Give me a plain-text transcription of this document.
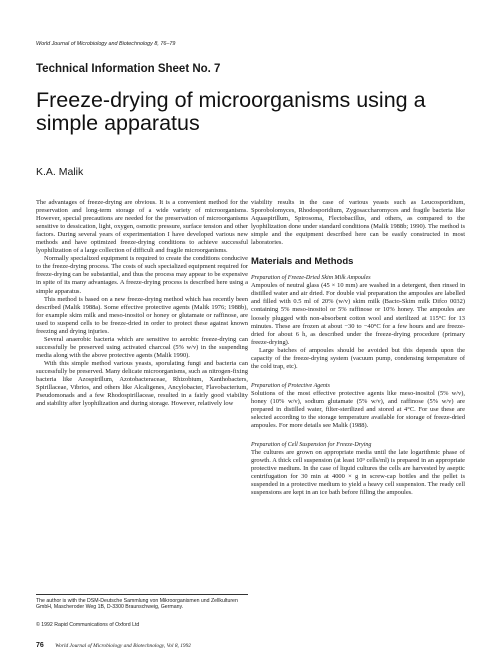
World Journal of Microbiology and Biotechnology 8, 76–79
Technical Information Sheet No. 7
Freeze-drying of microorganisms using a simple apparatus
K.A. Malik

The advantages of freeze-drying are obvious. It is a convenient method for the preservation and long-term storage of a wide variety of microorganisms. However, special precautions are needed for the preservation of microorganisms sensitive to dessication, light, oxygen, osmotic pressure, surface tension and other factors. During several years of experimentation I have developed various new methods and have optimized freeze-drying conditions to achieve successful lyophilization of a large collection of difficult and fragile microorganisms.

Normally specialized equipment is required to create the conditions conducive to the freeze-drying process. The costs of such specialized equipment required for freeze-drying can be substantial, and thus the process may appear to be expensive in spite of its many advantages. A freeze-drying process is described here using a simple apparatus.

This method is based on a new freeze-drying method which has recently been described (Malik 1988a). Some effective protective agents (Malik 1976; 1988b), for example skim milk and meso-inositol or honey or glutamate or raffinose, are used to suspend cells to be freeze-dried in order to protect these against known freezing and drying injuries.

Several anaerobic bacteria which are sensitive to aerobic freeze-drying can successfully be preserved using activated charcoal (5% w/v) in the suspending media along with the above protective agents (Malik 1990).

With this simple method various yeasts, sporulating fungi and bacteria can successfully be preserved. Many delicate microorganisms, such as nitrogen-fixing bacteria like Azospirillum, Azotobacteraceae, Rhizobium, Xanthobacters, Spirillaceae, Vibrios, and others like Alcaligenes, Ancylobacter, Flavobacterium, Pseudomonads and a few Rhodospirillaceae, resulted in a fairly good viability and stability after lyophilization and during storage. However, relatively low

viability results in the case of various yeasts such as Leucosporidium, Sporobolomyces, Rhodosporidium, Zygosaccharomyces and fragile bacteria like Aquaspirillum, Spirosoma, Flectobacillus, and others, as compared to the lyophilization done under standard conditions (Malik 1988b; 1990). The method is simple and the equipment described here can be easily constructed in most laboratories.

Materials and Methods

Preparation of Freeze-Dried Skim Milk Ampoules

Ampoules of neutral glass (45 × 10 mm) are washed in a detergent, then rinsed in distilled water and air dried. For double vial preparation the ampoules are labelled and filled with 0.5 ml of 20% (w/v) skim milk (Bacto-Skim milk Difco 0032) containing 5% meso-inositol or 5% raffinose or 10% honey. The ampoules are loosely plugged with non-absorbent cotton wool and sterilized at 115°C for 13 minutes. These are frozen at about −30 to −40°C for a few hours and are freeze-dried for about 6 h, as described under the freeze-drying procedure (primary freeze-drying).

Large batches of ampoules should be avoided but this depends upon the capacity of the freeze-drying system (vacuum pump, condensing temperature of the cold trap, etc).

Preparation of Protective Agents

Solutions of the most effective protective agents like meso-inositol (5% w/v), honey (10% w/v), sodium glutamate (5% w/v), and raffinose (5% w/v) are prepared in distilled water, filter-sterilized and stored at 4°C. For use these are selected according to the storage temperature available for storage of freeze-dried ampoules. For more details see Malik (1988).

Preparation of Cell Suspension for Freeze-Drying

The cultures are grown on appropriate media until the late logarithmic phase of growth. A thick cell suspension (at least 10⁹ cells/ml) is prepared in an appropriate protective medium. In the case of liquid cultures the cells are harvested by aseptic centrifugation for 30 min at 4000 × g in screw-cap bottles and the pellet is suspended in a protective medium to yield a heavy cell suspension. The ready cell suspensions are kept in an ice bath before filling the ampoules.

The author is with the DSM-Deutsche Sammlung von Mikroorganismen und Zellkulturen GmbH, Mascheroder Weg 1B, D-3300 Braunschweig, Germany.
© 1992 Rapid Communications of Oxford Ltd
76 World Journal of Microbiology and Biotechnology, Vol 8, 1992
